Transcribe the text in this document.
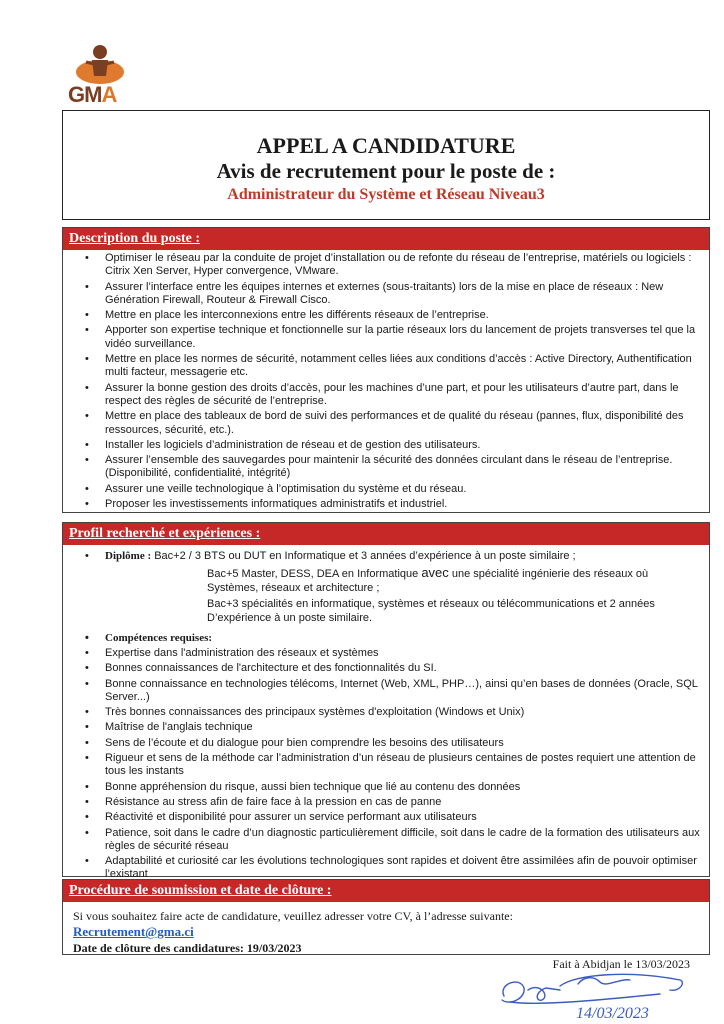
GMA
APPEL A CANDIDATURE
Avis de recrutement pour le poste de :
Administrateur du Système et Réseau Niveau3
Description du poste :
• Optimiser le réseau par la conduite de projet d’installation ou de refonte du réseau de l’entreprise, matériels ou logiciels : Citrix Xen Server, Hyper convergence, VMware.
• Assurer l’interface entre les équipes internes et externes (sous-traitants) lors de la mise en place de réseaux : New Génération Firewall, Routeur & Firewall Cisco.
• Mettre en place les interconnexions entre les différents réseaux de l’entreprise.
• Apporter son expertise technique et fonctionnelle sur la partie réseaux lors du lancement de projets transverses tel que la vidéo surveillance.
• Mettre en place les normes de sécurité, notamment celles liées aux conditions d’accès : Active Directory, Authentification multi facteur, messagerie etc.
• Assurer la bonne gestion des droits d’accès, pour les machines d’une part, et pour les utilisateurs d’autre part, dans le respect des règles de sécurité de l’entreprise.
• Mettre en place des tableaux de bord de suivi des performances et de qualité du réseau (pannes, flux, disponibilité des ressources, sécurité, etc.).
• Installer les logiciels d’administration de réseau et de gestion des utilisateurs.
• Assurer l’ensemble des sauvegardes pour maintenir la sécurité des données circulant dans le réseau de l’entreprise. (Disponibilité, confidentialité, intégrité)
• Assurer une veille technologique à l’optimisation du système et du réseau.
• Proposer les investissements informatiques administratifs et industriel.
Profil recherché et expériences :
• Diplôme : Bac+2 / 3 BTS ou DUT en Informatique et 3 années d’expérience à un poste similaire ;
Bac+5 Master, DESS, DEA en Informatique avec une spécialité ingénierie des réseaux où Systèmes, réseaux et architecture ;
Bac+3 spécialités en informatique, systèmes et réseaux ou télécommunications et 2 années D’expérience à un poste similaire.
• Compétences requises:
• Expertise dans l'administration des réseaux et systèmes
• Bonnes connaissances de l'architecture et des fonctionnalités du SI.
• Bonne connaissance en technologies télécoms, Internet (Web, XML, PHP…), ainsi qu’en bases de données (Oracle, SQL Server...)
• Très bonnes connaissances des principaux systèmes d'exploitation (Windows et Unix)
• Maîtrise de l'anglais technique
• Sens de l’écoute et du dialogue pour bien comprendre les besoins des utilisateurs
• Rigueur et sens de la méthode car l’administration d’un réseau de plusieurs centaines de postes requiert une attention de tous les instants
• Bonne appréhension du risque, aussi bien technique que lié au contenu des données
• Résistance au stress afin de faire face à la pression en cas de panne
• Réactivité et disponibilité pour assurer un service performant aux utilisateurs
• Patience, soit dans le cadre d’un diagnostic particulièrement difficile, soit dans le cadre de la formation des utilisateurs aux règles de sécurité réseau
• Adaptabilité et curiosité car les évolutions technologiques sont rapides et doivent être assimilées afin de pouvoir optimiser l’existant
Procédure de soumission et date de clôture :
Si vous souhaitez faire acte de candidature, veuillez adresser votre CV, à l’adresse suivante:
Recrutement@gma.ci
Date de clôture des candidatures: 19/03/2023
Fait à Abidjan le 13/03/2023
14/03/2023
